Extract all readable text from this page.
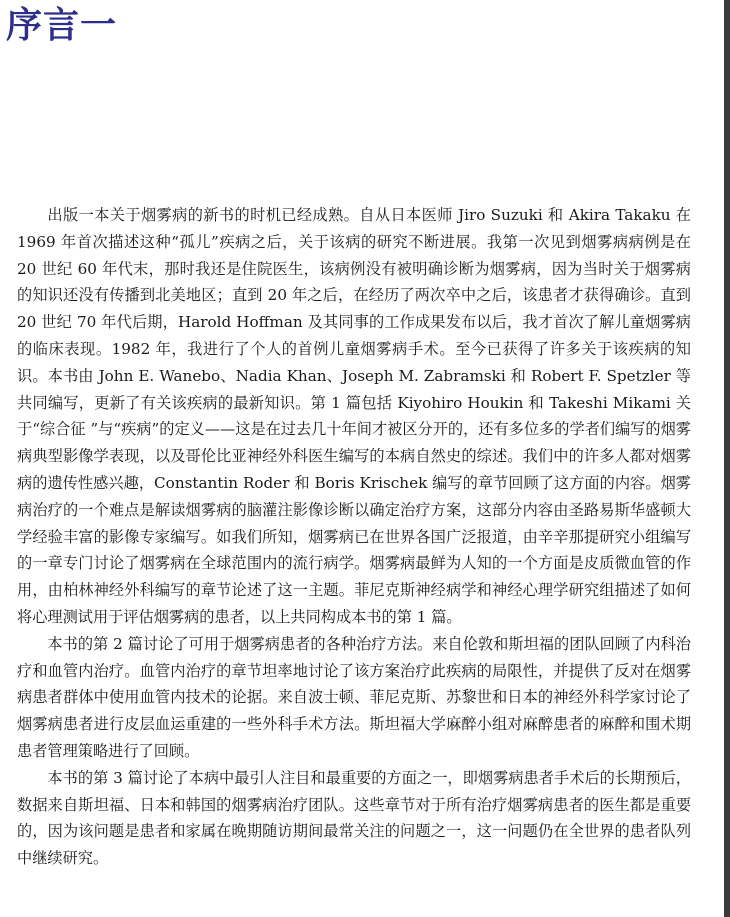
序言一

出版一本关于烟雾病的新书的时机已经成熟。自从日本医师 Jiro Suzuki 和 Akira Takaku 在 1969 年首次描述这种“孤儿”疾病之后，关于该病的研究不断进展。我第一次见到烟雾病病例是在 20 世纪 60 年代末，那时我还是住院医生，该病例没有被明确诊断为烟雾病，因为当时关于烟雾病的知识还没有传播到北美地区；直到 20 年之后，在经历了两次卒中之后，该患者才获得确诊。直到 20 世纪 70 年代后期，Harold Hoffman 及其同事的工作成果发布以后，我才首次了解儿童烟雾病的临床表现。1982 年，我进行了个人的首例儿童烟雾病手术。至今已获得了许多关于该疾病的知识。本书由 John E. Wanebo、Nadia Khan、Joseph M. Zabramski 和 Robert F. Spetzler 等共同编写，更新了有关该疾病的最新知识。第 1 篇包括 Kiyohiro Houkin 和 Takeshi Mikami 关于“综合征 ”与“疾病”的定义——这是在过去几十年间才被区分开的，还有多位多的学者们编写的烟雾病典型影像学表现，以及哥伦比亚神经外科医生编写的本病自然史的综述。我们中的许多人都对烟雾病的遗传性感兴趣，Constantin Roder 和 Boris Krischek 编写的章节回顾了这方面的内容。烟雾病治疗的一个难点是解读烟雾病的脑灌注影像诊断以确定治疗方案，这部分内容由圣路易斯华盛顿大学经验丰富的影像专家编写。如我们所知，烟雾病已在世界各国广泛报道，由辛辛那提研究小组编写的一章专门讨论了烟雾病在全球范围内的流行病学。烟雾病最鲜为人知的一个方面是皮质微血管的作用，由柏林神经外科编写的章节论述了这一主题。菲尼克斯神经病学和神经心理学研究组描述了如何将心理测试用于评估烟雾病的患者，以上共同构成本书的第 1 篇。

本书的第 2 篇讨论了可用于烟雾病患者的各种治疗方法。来自伦敦和斯坦福的团队回顾了内科治疗和血管内治疗。血管内治疗的章节坦率地讨论了该方案治疗此疾病的局限性，并提供了反对在烟雾病患者群体中使用血管内技术的论据。来自波士顿、菲尼克斯、苏黎世和日本的神经外科学家讨论了烟雾病患者进行皮层血运重建的一些外科手术方法。斯坦福大学麻醉小组对麻醉患者的麻醉和围术期患者管理策略进行了回顾。

本书的第 3 篇讨论了本病中最引人注目和最重要的方面之一，即烟雾病患者手术后的长期预后，数据来自斯坦福、日本和韩国的烟雾病治疗团队。这些章节对于所有治疗烟雾病患者的医生都是重要的，因为该问题是患者和家属在晚期随访期间最常关注的问题之一，这一问题仍在全世界的患者队列中继续研究。
